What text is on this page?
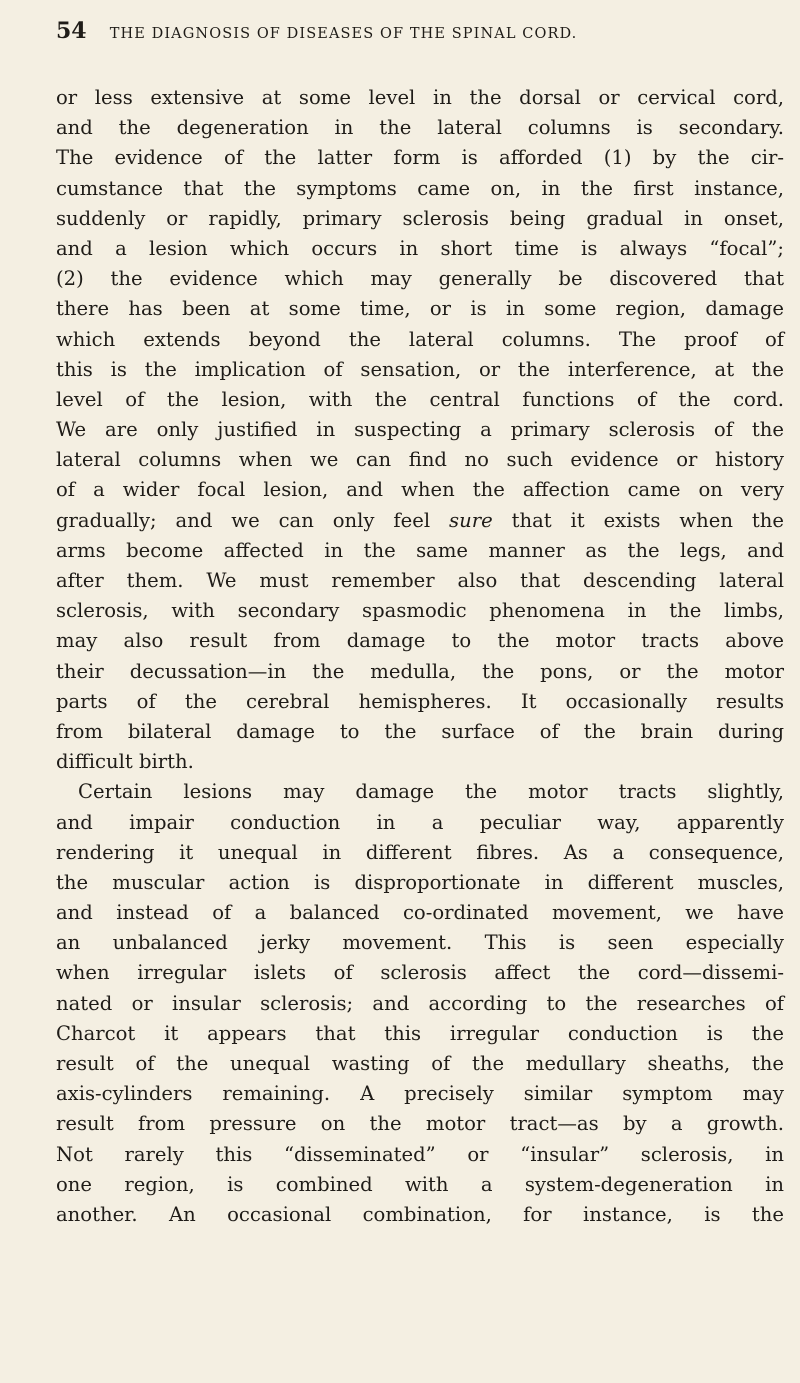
54 THE DIAGNOSIS OF DISEASES OF THE SPINAL CORD.
or less extensive at some level in the dorsal or cervical cord,
and the degeneration in the lateral columns is secondary.
The evidence of the latter form is afforded (1) by the cir-
cumstance that the symptoms came on, in the first instance,
suddenly or rapidly, primary sclerosis being gradual in onset,
and a lesion which occurs in short time is always “focal”;
(2) the evidence which may generally be discovered that
there has been at some time, or is in some region, damage
which extends beyond the lateral columns. The proof of
this is the implication of sensation, or the interference, at the
level of the lesion, with the central functions of the cord.
We are only justified in suspecting a primary sclerosis of the
lateral columns when we can find no such evidence or history
of a wider focal lesion, and when the affection came on very
gradually; and we can only feel sure that it exists when the
arms become affected in the same manner as the legs, and
after them. We must remember also that descending lateral
sclerosis, with secondary spasmodic phenomena in the limbs,
may also result from damage to the motor tracts above
their decussation—in the medulla, the pons, or the motor
parts of the cerebral hemispheres. It occasionally results
from bilateral damage to the surface of the brain during
difficult birth.
Certain lesions may damage the motor tracts slightly,
and impair conduction in a peculiar way, apparently
rendering it unequal in different fibres. As a consequence,
the muscular action is disproportionate in different muscles,
and instead of a balanced co-ordinated movement, we have
an unbalanced jerky movement. This is seen especially
when irregular islets of sclerosis affect the cord—dissemi-
nated or insular sclerosis; and according to the researches of
Charcot it appears that this irregular conduction is the
result of the unequal wasting of the medullary sheaths, the
axis-cylinders remaining. A precisely similar symptom may
result from pressure on the motor tract—as by a growth.
Not rarely this “disseminated” or “insular” sclerosis, in
one region, is combined with a system-degeneration in
another. An occasional combination, for instance, is the
